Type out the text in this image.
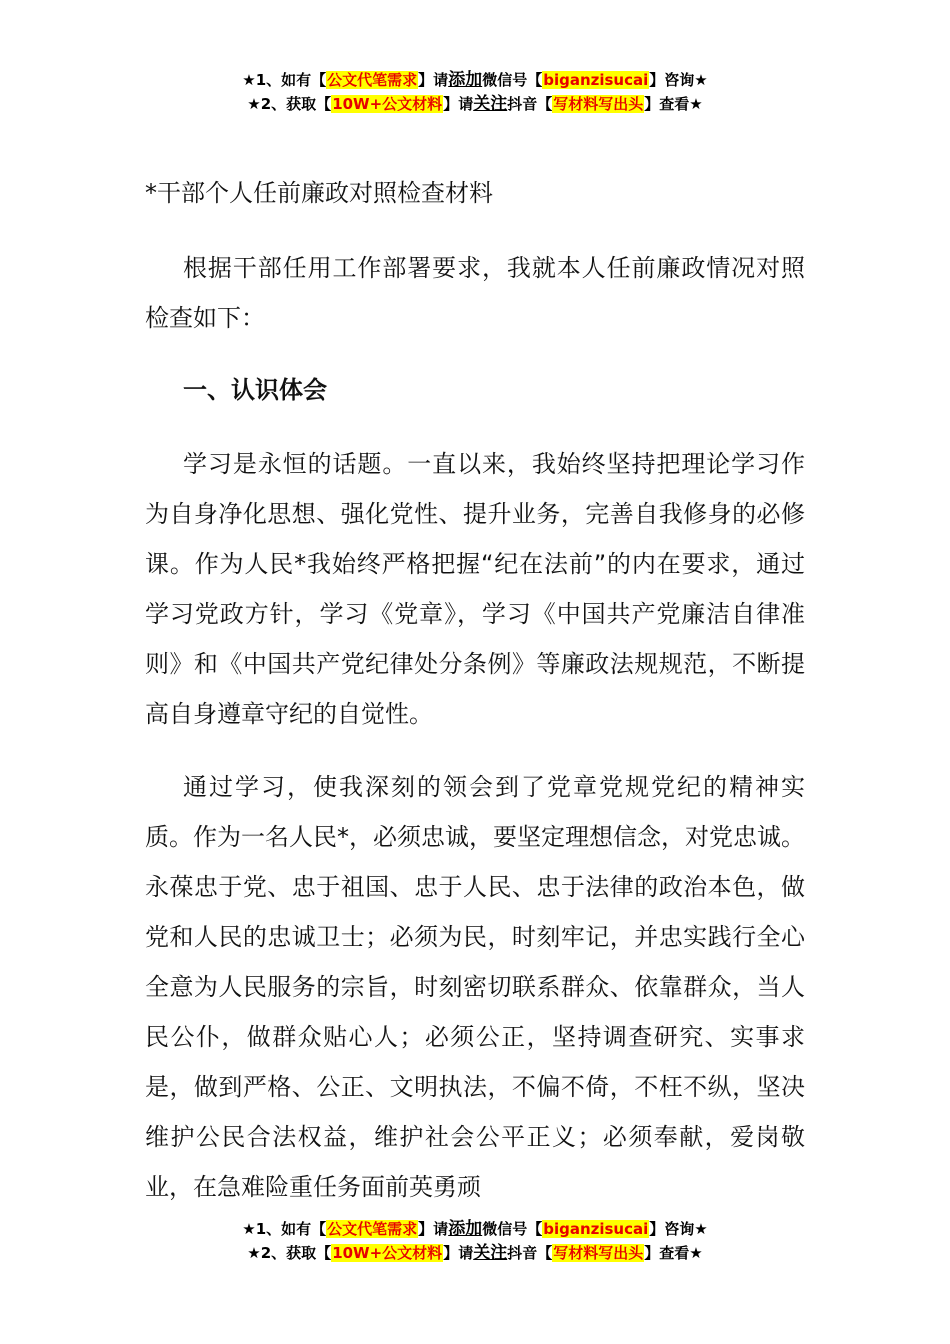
★1、如有【公文代笔需求】请添加微信号【biganzisucai】咨询★
★2、获取【10W+公文材料】请关注抖音【写材料写出头】查看★
*干部个人任前廉政对照检查材料
根据干部任用工作部署要求，我就本人任前廉政情况对照检查如下：
一、认识体会
学习是永恒的话题。一直以来，我始终坚持把理论学习作为自身净化思想、强化党性、提升业务，完善自我修身的必修课。作为人民*我始终严格把握“纪在法前”的内在要求，通过学习党政方针，学习《党章》，学习《中国共产党廉洁自律准则》和《中国共产党纪律处分条例》等廉政法规规范，不断提高自身遵章守纪的自觉性。
通过学习，使我深刻的领会到了党章党规党纪的精神实质。作为一名人民*，必须忠诚，要坚定理想信念，对党忠诚。永葆忠于党、忠于祖国、忠于人民、忠于法律的政治本色，做党和人民的忠诚卫士；必须为民，时刻牢记，并忠实践行全心全意为人民服务的宗旨，时刻密切联系群众、依靠群众，当人民公仆，做群众贴心人；必须公正，坚持调查研究、实事求是，做到严格、公正、文明执法，不偏不倚，不枉不纵，坚决维护公民合法权益，维护社会公平正义；必须奉献，爱岗敬业，在急难险重任务面前英勇顽
★1、如有【公文代笔需求】请添加微信号【biganzisucai】咨询★
★2、获取【10W+公文材料】请关注抖音【写材料写出头】查看★
